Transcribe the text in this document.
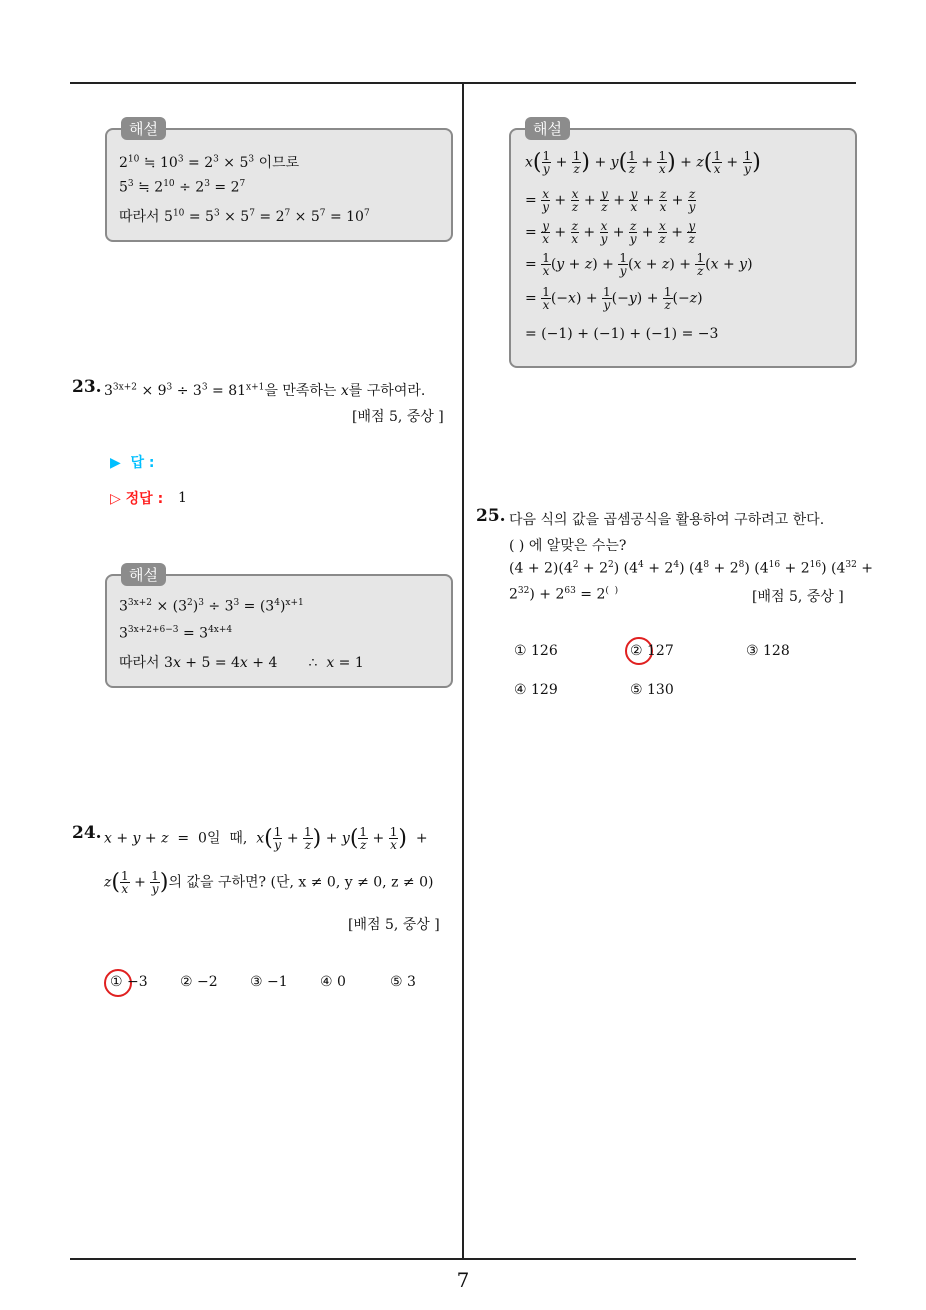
해설
$2^{10}$ ≒ $10^3 = 2^3 \times 5^3$ 이므로
$5^3$ ≒ $2^{10} \div 2^3 = 2^7$
따라서 $5^{10} = 5^3 \times 5^7 = 2^7 \times 5^7 = 10^7$
23. $3^{3x+2} \times 9^3 \div 3^3 = 81^{x+1}$을 만족하는 x를 구하여라.
[배점 5, 중상 ]
▶  답 :
▷ 정답 : 1
해설
$3^{3x+2} \times (3^2)^3 \div 3^3 = (3^4)^{x+1}$
$3^{3x+2+6-3} = 3^{4x+4}$
따라서 3x + 5 = 4x + 4       ∴  x = 1
24. x + y + z  =  0일  때,  $x( \frac{1}{y} + \frac{1}{z}$ ) + $y( \frac{1}{z} + \frac{1}{x}$ )  +
$z( \frac{1}{x} + \frac{1}{y}$ )의 값을 구하면? (단, x ≠ 0, y ≠ 0, z ≠ 0)
[배점 5, 중상 ]
① −3 ② −2 ③ −1 ④ 0	⑤ 3
해설
$x( \frac{1}{y} + \frac{1}{z}$ ) + $y( \frac{1}{z} + \frac{1}{x}$ ) + $z( \frac{1}{x} + \frac{1}{y}$ )
= $\frac{x}{y} + \frac{x}{z} + \frac{y}{z} + \frac{y}{x} + \frac{z}{x} + \frac{z}{y}$
= $\frac{y}{x} + \frac{z}{x} + \frac{x}{y} + \frac{z}{y} + \frac{x}{z} + \frac{y}{z}$
= $\frac{1}{x} (y + z) + \frac{1}{y} (x + z) + \frac{1}{z} (x + y)$
= $\frac{1}{x} (-x) + \frac{1}{y} (-y) + \frac{1}{z} (-z)$
= (−1) + (−1) + (−1) = −3
25. 다음 식의 값을 곱셈공식을 활용하여 구하려고 한다.
( ) 에 알맞은 수는?
$(4 + 2)(4^2 + 2^2)$ $(4^4 + 2^4) (4^8 + 2^8) (4^{16} + 2^{16}) (4^{32}$ +
$2^{32}) + 2^{63} = 2^{( )}$	[배점 5, 중상 ]
① 126	② 127	③ 128
④ 129	⑤ 130
7
